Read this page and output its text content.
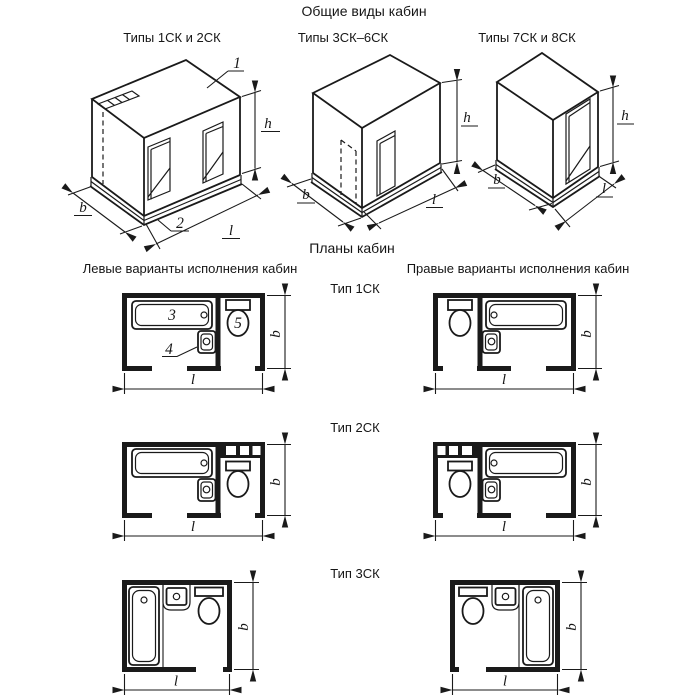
Общие виды кабин
Типы 1СК и 2СК	Типы 3СК–6СК	Типы 7СК и 8СК
Планы кабин
Левые варианты исполнения кабин	Правые варианты исполнения кабин
Тип 1СК
Тип 2СК
Тип 3СК
h
l
b
1
2
h
l
b
h
b
l
3
4
5
l
b
l
b
l
b
l
b
l
b
l
b
